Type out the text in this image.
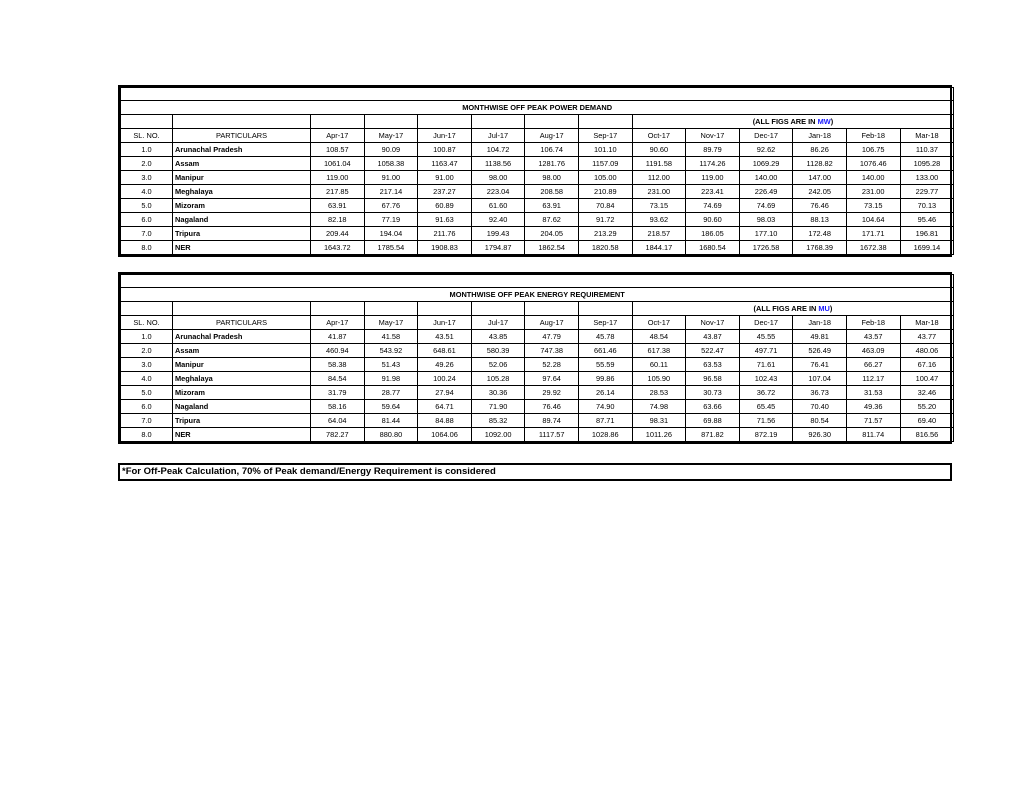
MONTHWISE OFF PEAK POWER DEMAND													
								(ALL FIGS ARE IN MW)					
SL. NO.	PARTICULARS	Apr-17	May-17	Jun-17	Jul-17	Aug-17	Sep-17	Oct-17	Nov-17	Dec-17	Jan-18	Feb-18	Mar-18
1.0	Arunachal Pradesh	108.57	90.09	100.87	104.72	106.74	101.10	90.60	89.79	92.62	86.26	106.75	110.37
2.0	Assam	1061.04	1058.38	1163.47	1138.56	1281.76	1157.09	1191.58	1174.26	1069.29	1128.82	1076.46	1095.28
3.0	Manipur	119.00	91.00	91.00	98.00	98.00	105.00	112.00	119.00	140.00	147.00	140.00	133.00
4.0	Meghalaya	217.85	217.14	237.27	223.04	208.58	210.89	231.00	223.41	226.49	242.05	231.00	229.77
5.0	Mizoram	63.91	67.76	60.89	61.60	63.91	70.84	73.15	74.69	74.69	76.46	73.15	70.13
6.0	Nagaland	82.18	77.19	91.63	92.40	87.62	91.72	93.62	90.60	98.03	88.13	104.64	95.46
7.0	Tripura	209.44	194.04	211.76	199.43	204.05	213.29	218.57	186.05	177.10	172.48	171.71	196.81
8.0	NER	1643.72	1785.54	1908.83	1794.87	1862.54	1820.58	1844.17	1680.54	1726.58	1768.39	1672.38	1699.14

MONTHWISE OFF PEAK ENERGY REQUIREMENT													
								(ALL FIGS ARE IN MU)					
SL. NO.	PARTICULARS	Apr-17	May-17	Jun-17	Jul-17	Aug-17	Sep-17	Oct-17	Nov-17	Dec-17	Jan-18	Feb-18	Mar-18
1.0	Arunachal Pradesh	41.87	41.58	43.51	43.85	47.79	45.78	48.54	43.87	45.55	49.81	43.57	43.77
2.0	Assam	460.94	543.92	648.61	580.39	747.38	661.46	617.38	522.47	497.71	526.49	463.09	480.06
3.0	Manipur	58.38	51.43	49.26	52.06	52.28	55.59	60.11	63.53	71.61	76.41	66.27	67.16
4.0	Meghalaya	84.54	91.98	100.24	105.28	97.64	99.86	105.90	96.58	102.43	107.04	112.17	100.47
5.0	Mizoram	31.79	28.77	27.94	30.36	29.92	26.14	28.53	30.73	36.72	36.73	31.53	32.46
6.0	Nagaland	58.16	59.64	64.71	71.90	76.46	74.90	74.98	63.66	65.45	70.40	49.36	55.20
7.0	Tripura	64.04	81.44	84.88	85.32	89.74	87.71	98.31	69.88	71.56	80.54	71.57	69.40
8.0	NER	782.27	880.80	1064.06	1092.00	1117.57	1028.86	1011.26	871.82	872.19	926.30	811.74	816.56
*For Off-Peak Calculation, 70% of Peak demand/Energy Requirement is considered
